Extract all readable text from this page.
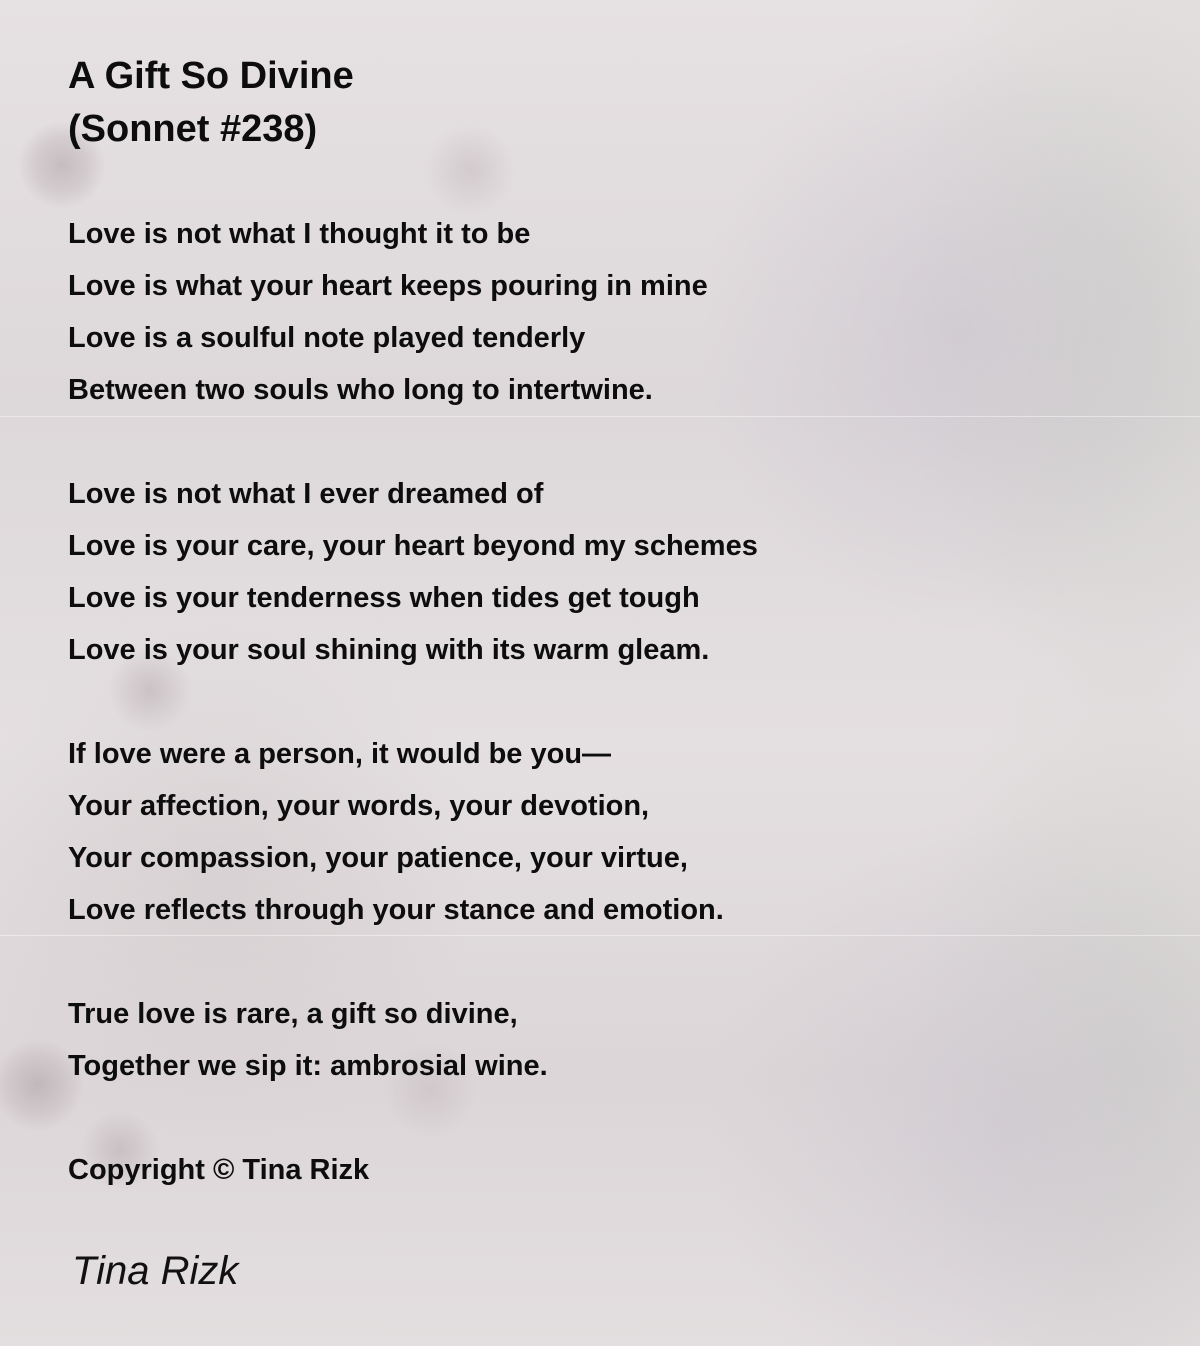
A Gift So Divine
(Sonnet #238)

Love is not what I thought it to be
Love is what your heart keeps pouring in mine
Love is a soulful note played tenderly
Between two souls who long to intertwine.

Love is not what I ever dreamed of
Love is your care, your heart beyond my schemes
Love is your tenderness when tides get tough
Love is your soul shining with its warm gleam.

If love were a person, it would be you—
Your affection, your words, your devotion,
Your compassion, your patience, your virtue,
Love reflects through your stance and emotion.

True love is rare, a gift so divine,
Together we sip it: ambrosial wine.

Copyright © Tina Rizk
Tina Rizk
